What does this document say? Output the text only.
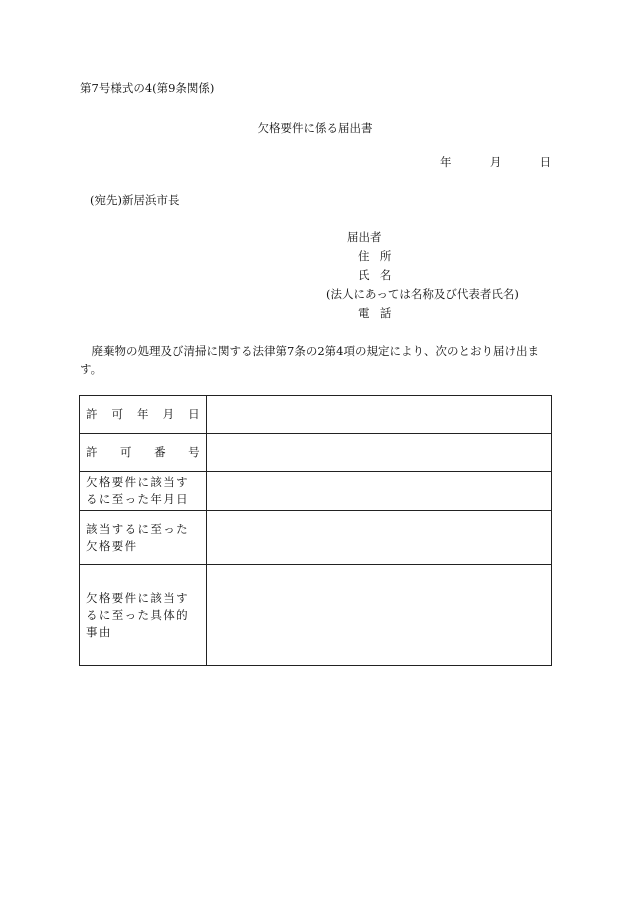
第7号様式の4(第9条関係)
欠格要件に係る届出書
年	月	日
(宛先)新居浜市長
届出者
住所
氏名
(法人にあっては名称及び代表者氏名)
電話
廃棄物の処理及び清掃に関する法律第7条の2第4項の規定により、次のとおり届け出ます。
許可年月日	
許可番号	
欠格要件に該当するに至った年月日	
該当するに至った欠格要件	
欠格要件に該当するに至った具体的事由	
